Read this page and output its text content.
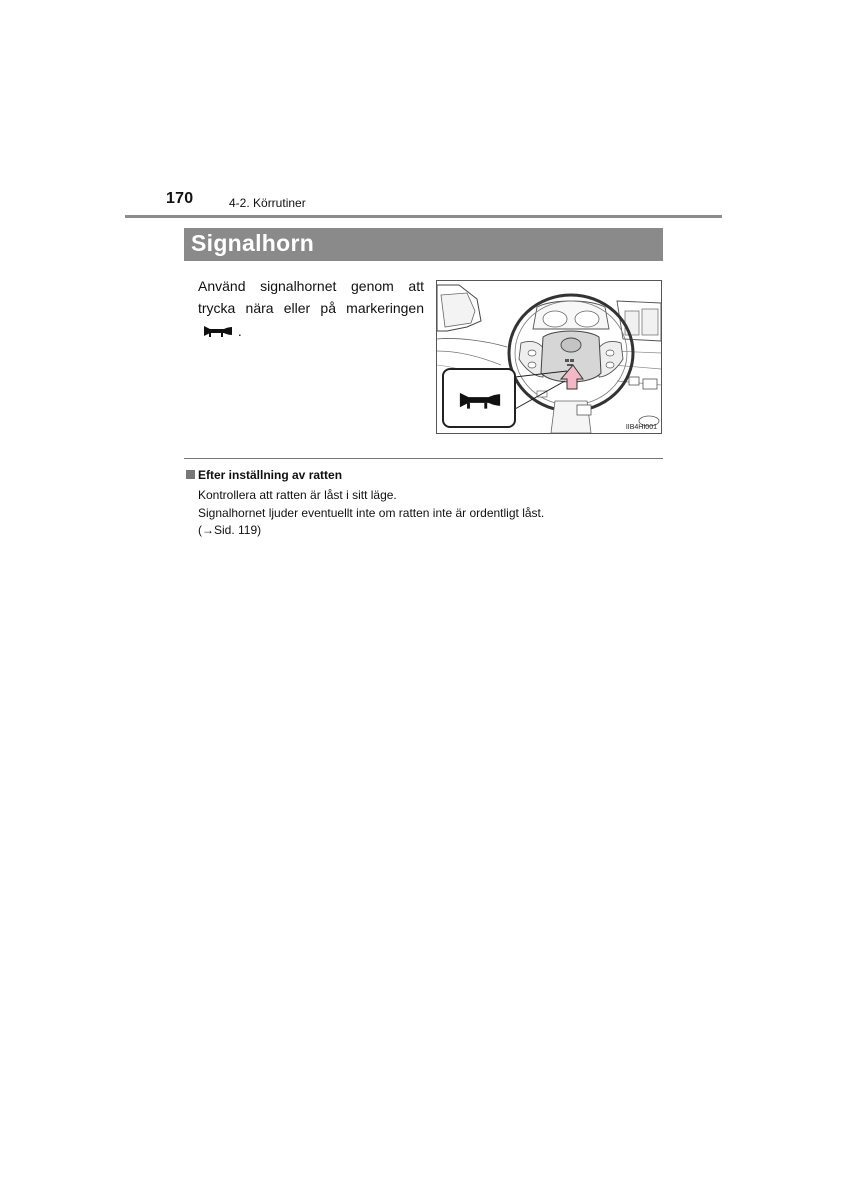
170	4-2. Körrutiner
Signalhorn
Använd signalhornet genom att
trycka nära eller på markeringen
.
IIB4HI001
Efter inställning av ratten
Kontrollera att ratten är låst i sitt läge.
Signalhornet ljuder eventuellt inte om ratten inte är ordentligt låst.
(→Sid. 119)
